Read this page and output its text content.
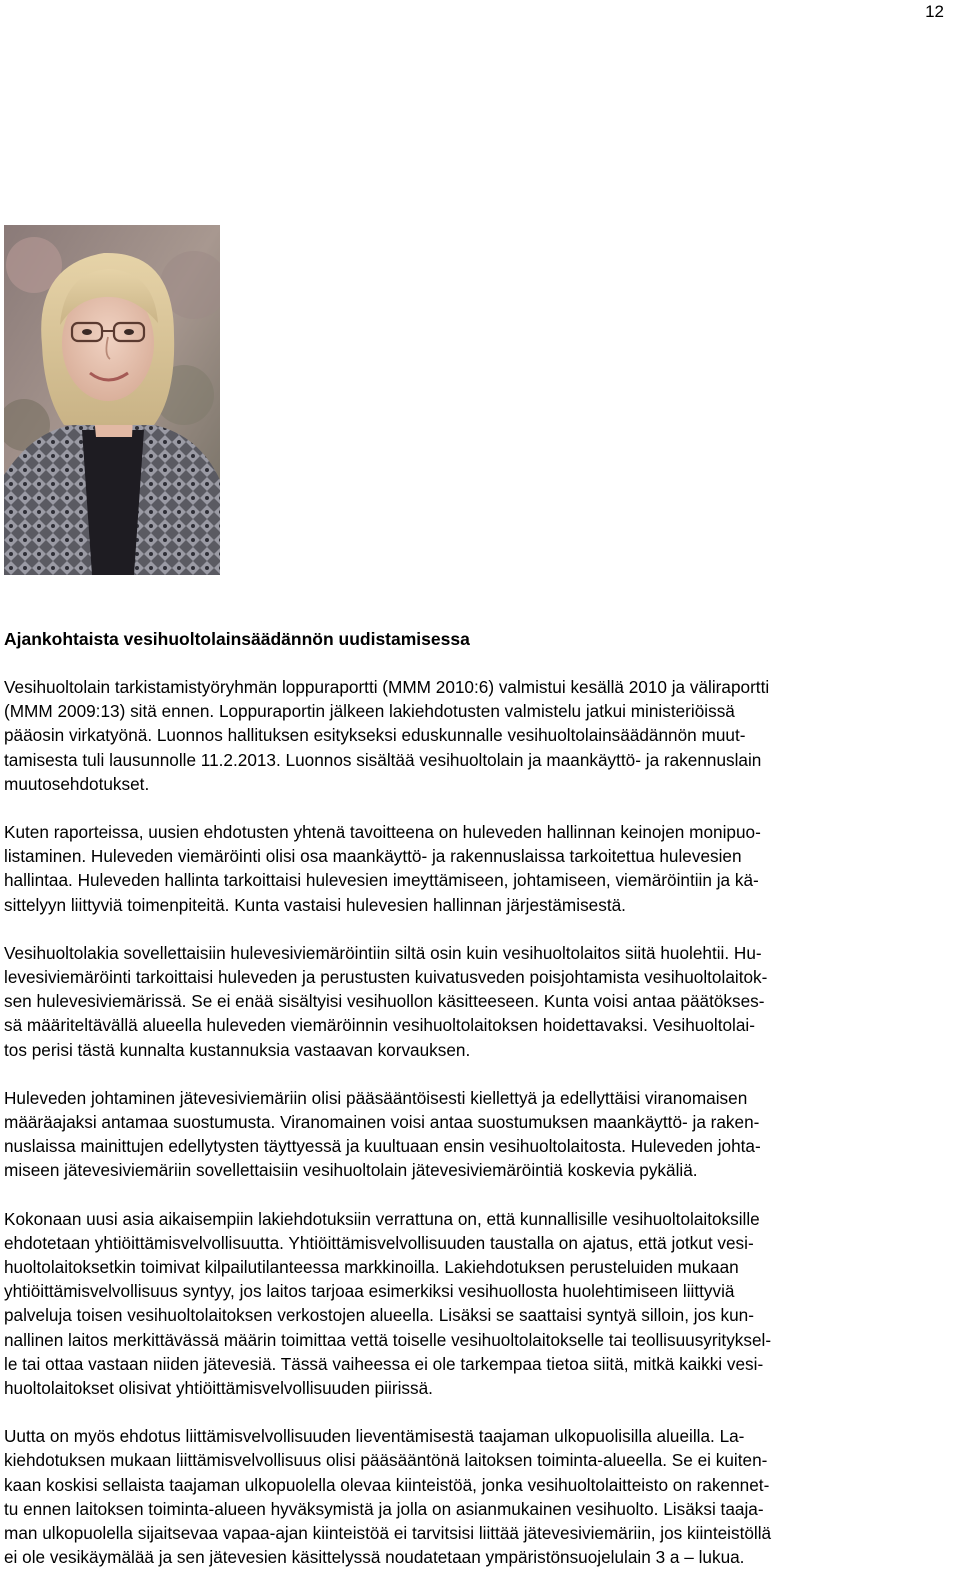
12
Ajankohtaista vesihuoltolainsäädännön uudistamisessa

Vesihuoltolain tarkistamistyöryhmän loppuraportti (MMM 2010:6) valmistui kesällä 2010 ja väliraportti
(MMM 2009:13) sitä ennen. Loppuraportin jälkeen lakiehdotusten valmistelu jatkui ministeriöissä
pääosin virkatyönä. Luonnos hallituksen esitykseksi eduskunnalle vesihuoltolainsäädännön muut-
tamisesta tuli lausunnolle 11.2.2013. Luonnos sisältää vesihuoltolain ja maankäyttö- ja rakennuslain
muutosehdotukset.

Kuten raporteissa, uusien ehdotusten yhtenä tavoitteena on huleveden hallinnan keinojen monipuo-
listaminen. Huleveden viemäröinti olisi osa maankäyttö- ja rakennuslaissa tarkoitettua hulevesien
hallintaa. Huleveden hallinta tarkoittaisi hulevesien imeyttämiseen, johtamiseen, viemäröintiin ja kä-
sittelyyn liittyviä toimenpiteitä. Kunta vastaisi hulevesien hallinnan järjestämisestä.

Vesihuoltolakia sovellettaisiin hulevesiviemäröintiin siltä osin kuin vesihuoltolaitos siitä huolehtii. Hu-
levesiviemäröinti tarkoittaisi huleveden ja perustusten kuivatusveden poisjohtamista vesihuoltolaitok-
sen hulevesiviemärissä. Se ei enää sisältyisi vesihuollon käsitteeseen. Kunta voisi antaa päätökses-
sä määriteltävällä alueella huleveden viemäröinnin vesihuoltolaitoksen hoidettavaksi. Vesihuoltolai-
tos perisi tästä kunnalta kustannuksia vastaavan korvauksen.

Huleveden johtaminen jätevesiviemäriin olisi pääsääntöisesti kiellettyä ja edellyttäisi viranomaisen
määräajaksi antamaa suostumusta. Viranomainen voisi antaa suostumuksen maankäyttö- ja raken-
nuslaissa mainittujen edellytysten täyttyessä ja kuultuaan ensin vesihuoltolaitosta. Huleveden johta-
miseen jätevesiviemäriin sovellettaisiin vesihuoltolain jätevesiviemäröintiä koskevia pykäliä.

Kokonaan uusi asia aikaisempiin lakiehdotuksiin verrattuna on, että kunnallisille vesihuoltolaitoksille
ehdotetaan yhtiöittämisvelvollisuutta. Yhtiöittämisvelvollisuuden taustalla on ajatus, että jotkut vesi-
huoltolaitoksetkin toimivat kilpailutilanteessa markkinoilla. Lakiehdotuksen perusteluiden mukaan
yhtiöittämisvelvollisuus syntyy, jos laitos tarjoaa esimerkiksi vesihuollosta huolehtimiseen liittyviä
palveluja toisen vesihuoltolaitoksen verkostojen alueella. Lisäksi se saattaisi syntyä silloin, jos kun-
nallinen laitos merkittävässä määrin toimittaa vettä toiselle vesihuoltolaitokselle tai teollisuusyrityksel-
le tai ottaa vastaan niiden jätevesiä. Tässä vaiheessa ei ole tarkempaa tietoa siitä, mitkä kaikki vesi-
huoltolaitokset olisivat yhtiöittämisvelvollisuuden piirissä.

Uutta on myös ehdotus liittämisvelvollisuuden lieventämisestä taajaman ulkopuolisilla alueilla. La-
kiehdotuksen mukaan liittämisvelvollisuus olisi pääsääntönä laitoksen toiminta-alueella. Se ei kuiten-
kaan koskisi sellaista taajaman ulkopuolella olevaa kiinteistöä, jonka vesihuoltolaitteisto on rakennet-
tu ennen laitoksen toiminta-alueen hyväksymistä ja jolla on asianmukainen vesihuolto. Lisäksi taaja-
man ulkopuolella sijaitsevaa vapaa-ajan kiinteistöä ei tarvitsisi liittää jätevesiviemäriin, jos kiinteistöllä
ei ole vesikäymälää ja sen jätevesien käsittelyssä noudatetaan ympäristönsuojelulain 3 a – lukua.
